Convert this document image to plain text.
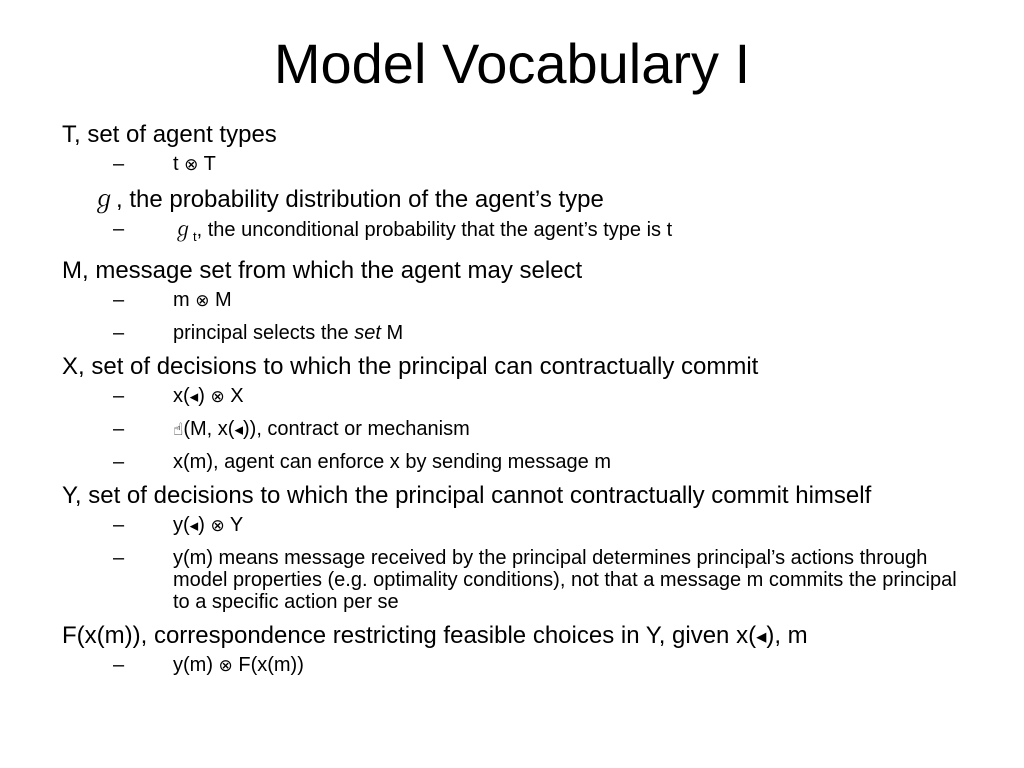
Model Vocabulary I
T, set of agent types
– t ⊗ T
ℊ, the probability distribution of the agent’s type
– ℊ$_t$, the unconditional probability that the agent’s type is t
M, message set from which the agent may select
– m ⊗ M
– principal selects the set M
X, set of decisions to which the principal can contractually commit
– x(◂) ⊗ X
–	☝(M, x(◂)), contract or mechanism
– x(m), agent can enforce x by sending message m
Y, set of decisions to which the principal cannot contractually commit himself
– y(◂) ⊗ Y
– y(m) means message received by the principal determines principal’s actions through model properties (e.g. optimality conditions), not that a message m commits the principal to a specific action per se
F(x(m)), correspondence restricting feasible choices in Y, given x(◂), m
– y(m) ⊗ F(x(m))
